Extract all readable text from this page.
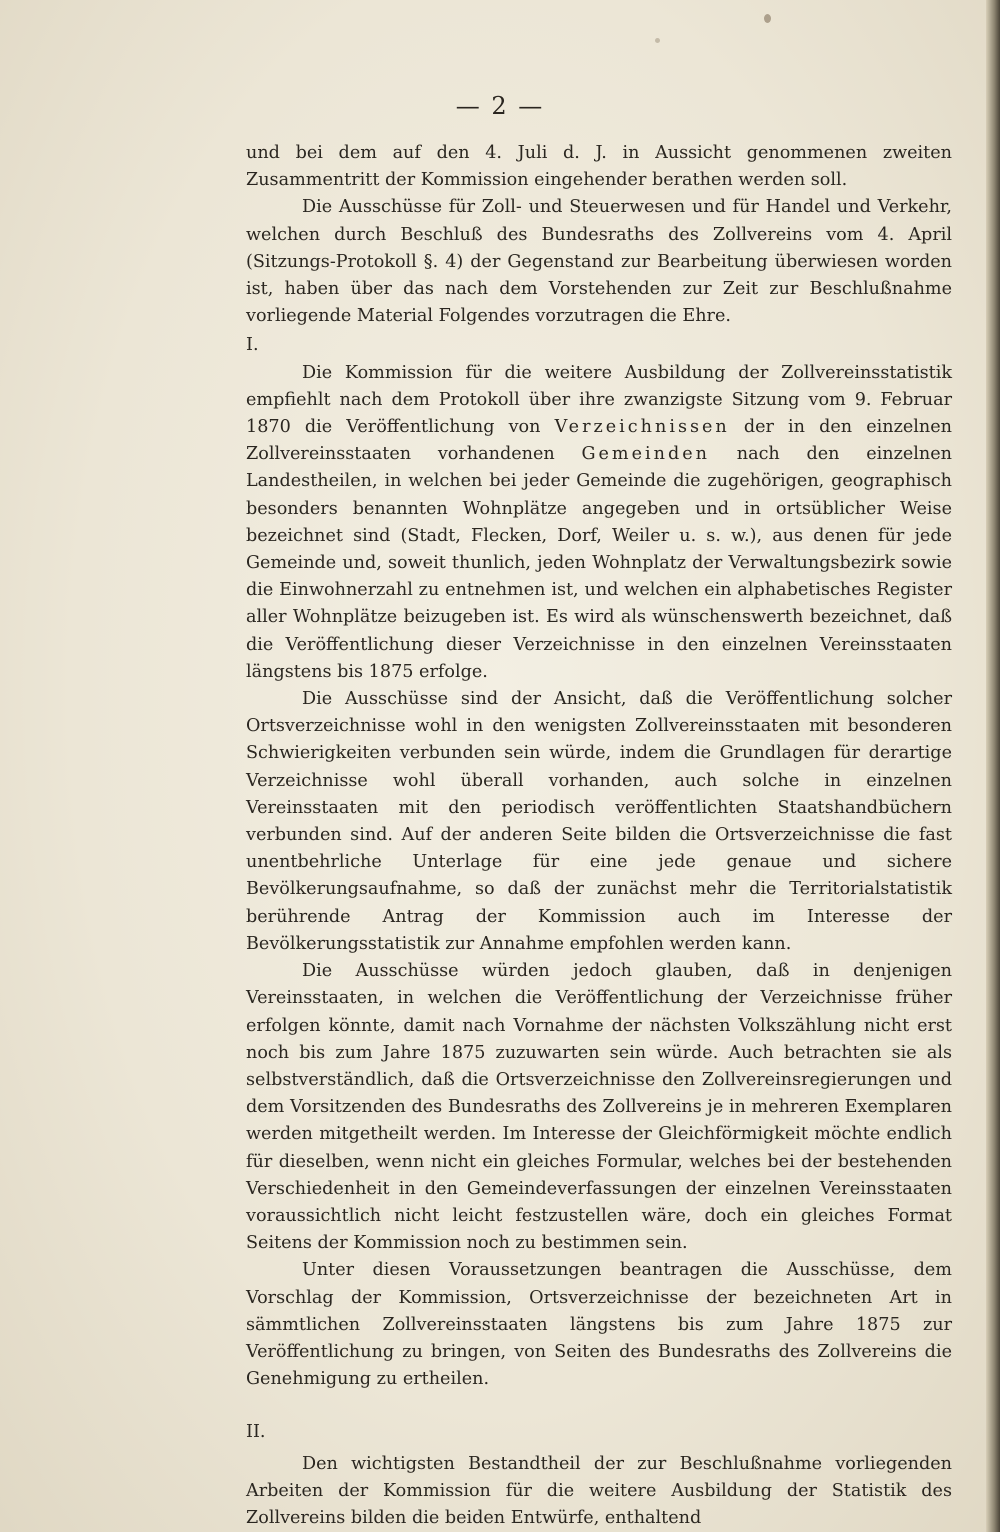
— 2 —

und bei dem auf den 4. Juli d. J. in Aussicht genommenen zweiten Zusammentritt der Kommission eingehender berathen werden soll.

Die Ausschüsse für Zoll- und Steuerwesen und für Handel und Verkehr, welchen durch Beschluß des Bundesraths des Zollvereins vom 4. April (Sitzungs-Protokoll §. 4) der Gegenstand zur Bearbeitung überwiesen worden ist, haben über das nach dem Vorstehenden zur Zeit zur Beschlußnahme vorliegende Material Folgendes vorzutragen die Ehre.

I.

Die Kommission für die weitere Ausbildung der Zollvereinsstatistik empfiehlt nach dem Protokoll über ihre zwanzigste Sitzung vom 9. Februar 1870 die Veröffentlichung von Verzeichnissen der in den einzelnen Zollvereinsstaaten vorhandenen Gemeinden nach den einzelnen Landestheilen, in welchen bei jeder Gemeinde die zugehörigen, geographisch besonders benannten Wohnplätze angegeben und in ortsüblicher Weise bezeichnet sind (Stadt, Flecken, Dorf, Weiler u. s. w.), aus denen für jede Gemeinde und, soweit thunlich, jeden Wohnplatz der Verwaltungsbezirk sowie die Einwohnerzahl zu entnehmen ist, und welchen ein alphabetisches Register aller Wohnplätze beizugeben ist. Es wird als wünschenswerth bezeichnet, daß die Veröffentlichung dieser Verzeichnisse in den einzelnen Vereinsstaaten längstens bis 1875 erfolge.

Die Ausschüsse sind der Ansicht, daß die Veröffentlichung solcher Ortsverzeichnisse wohl in den wenigsten Zollvereinsstaaten mit besonderen Schwierigkeiten verbunden sein würde, indem die Grundlagen für derartige Verzeichnisse wohl überall vorhanden, auch solche in einzelnen Vereinsstaaten mit den periodisch veröffentlichten Staatshandbüchern verbunden sind. Auf der anderen Seite bilden die Ortsverzeichnisse die fast unentbehrliche Unterlage für eine jede genaue und sichere Bevölkerungsaufnahme, so daß der zunächst mehr die Territorialstatistik berührende Antrag der Kommission auch im Interesse der Bevölkerungsstatistik zur Annahme empfohlen werden kann.

Die Ausschüsse würden jedoch glauben, daß in denjenigen Vereinsstaaten, in welchen die Veröffentlichung der Verzeichnisse früher erfolgen könnte, damit nach Vornahme der nächsten Volkszählung nicht erst noch bis zum Jahre 1875 zuzuwarten sein würde. Auch betrachten sie als selbstverständlich, daß die Ortsverzeichnisse den Zollvereinsregierungen und dem Vorsitzenden des Bundesraths des Zollvereins je in mehreren Exemplaren werden mitgetheilt werden. Im Interesse der Gleichförmigkeit möchte endlich für dieselben, wenn nicht ein gleiches Formular, welches bei der bestehenden Verschiedenheit in den Gemeindeverfassungen der einzelnen Vereinsstaaten voraussichtlich nicht leicht festzustellen wäre, doch ein gleiches Format Seitens der Kommission noch zu bestimmen sein.

Unter diesen Voraussetzungen beantragen die Ausschüsse, dem Vorschlag der Kommission, Ortsverzeichnisse der bezeichneten Art in sämmtlichen Zollvereinsstaaten längstens bis zum Jahre 1875 zur Veröffentlichung zu bringen, von Seiten des Bundesraths des Zollvereins die Genehmigung zu ertheilen.

II.

Den wichtigsten Bestandtheil der zur Beschlußnahme vorliegenden Arbeiten der Kommission für die weitere Ausbildung der Statistik des Zollvereins bilden die beiden Entwürfe, enthaltend
